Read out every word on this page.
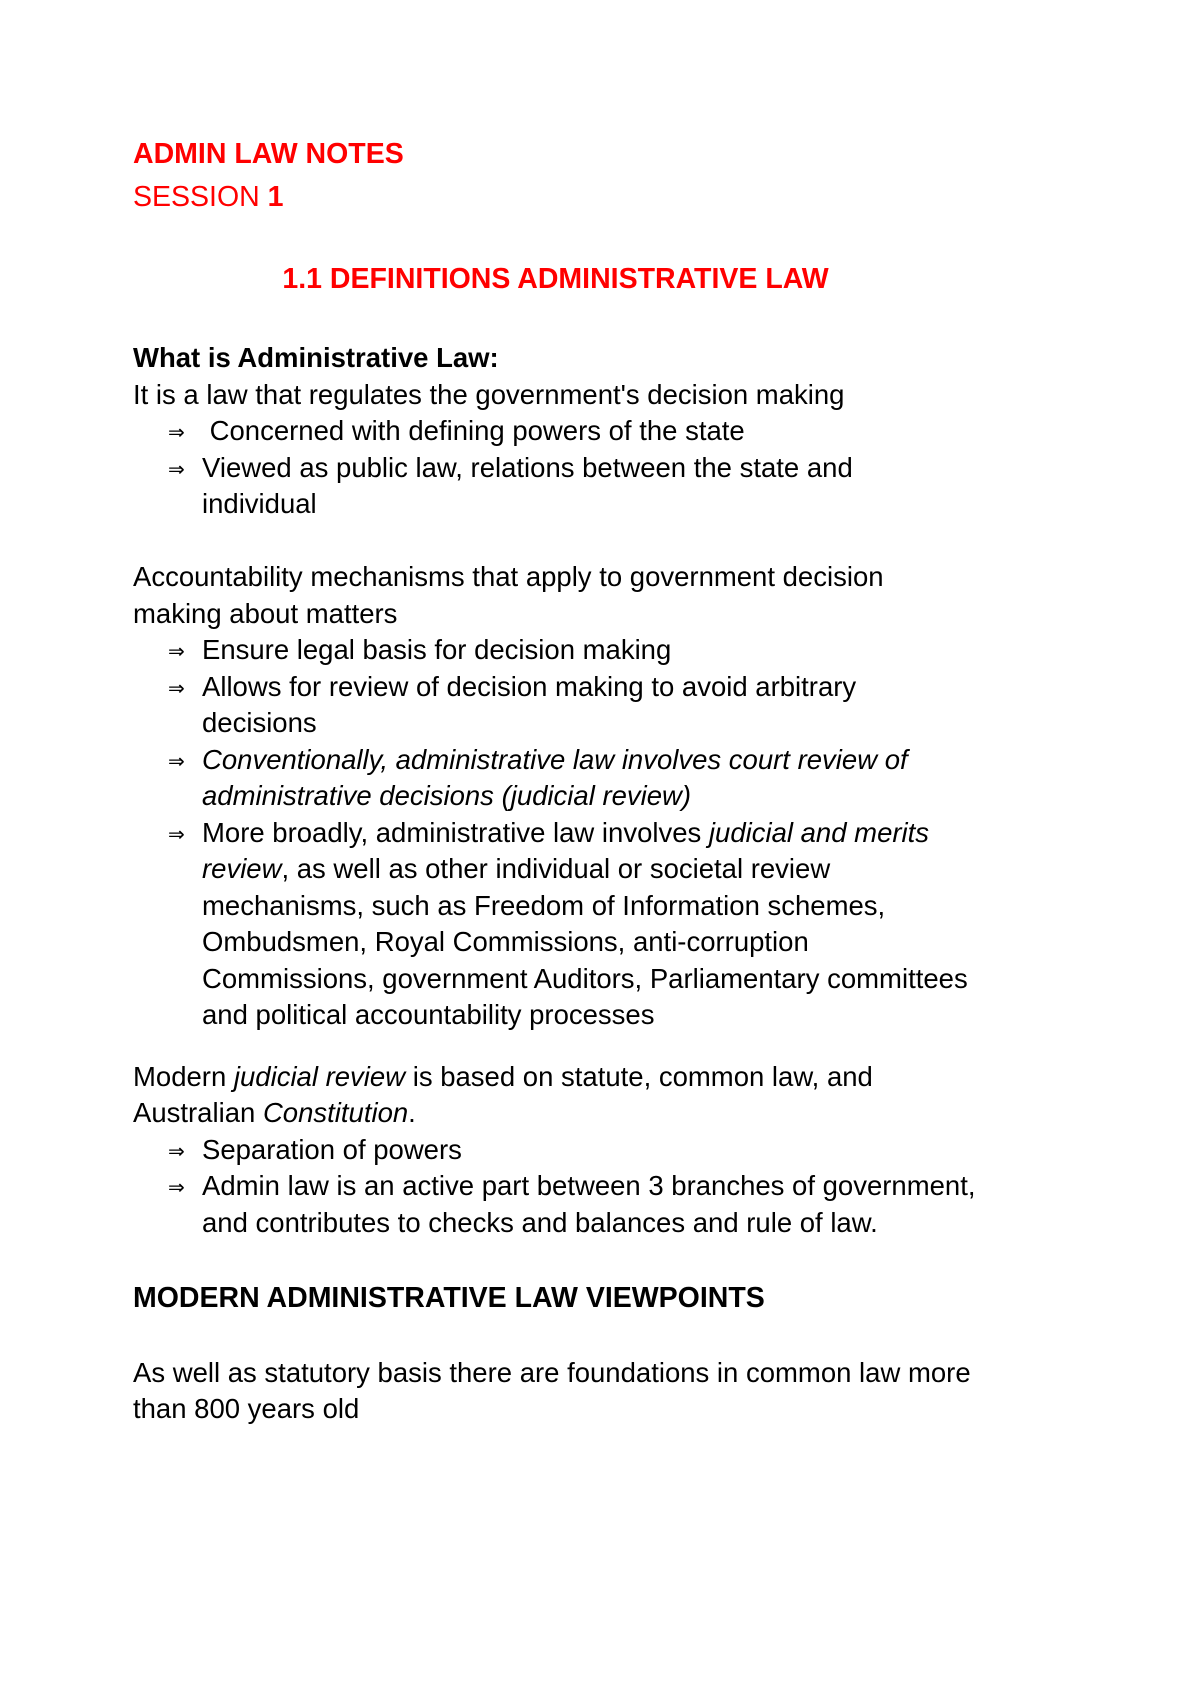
ADMIN LAW NOTES
SESSION 1
1.1 DEFINITIONS ADMINISTRATIVE LAW
What is Administrative Law:
It is a law that regulates the government's decision making
⇒ Concerned with defining powers of the state
⇒ Viewed as public law, relations between the state and
individual
Accountability mechanisms that apply to government decision
making about matters
⇒ Ensure legal basis for decision making
⇒ Allows for review of decision making to avoid arbitrary
decisions
⇒ Conventionally, administrative law involves court review of
administrative decisions (judicial review)
⇒ More broadly, administrative law involves judicial and merits
review, as well as other individual or societal review
mechanisms, such as Freedom of Information schemes,
Ombudsmen, Royal Commissions, anti-corruption
Commissions, government Auditors, Parliamentary committees
and political accountability processes
Modern judicial review is based on statute, common law, and
Australian Constitution.
⇒ Separation of powers
⇒ Admin law is an active part between 3 branches of government,
and contributes to checks and balances and rule of law.
MODERN ADMINISTRATIVE LAW VIEWPOINTS
As well as statutory basis there are foundations in common law more
than 800 years old
